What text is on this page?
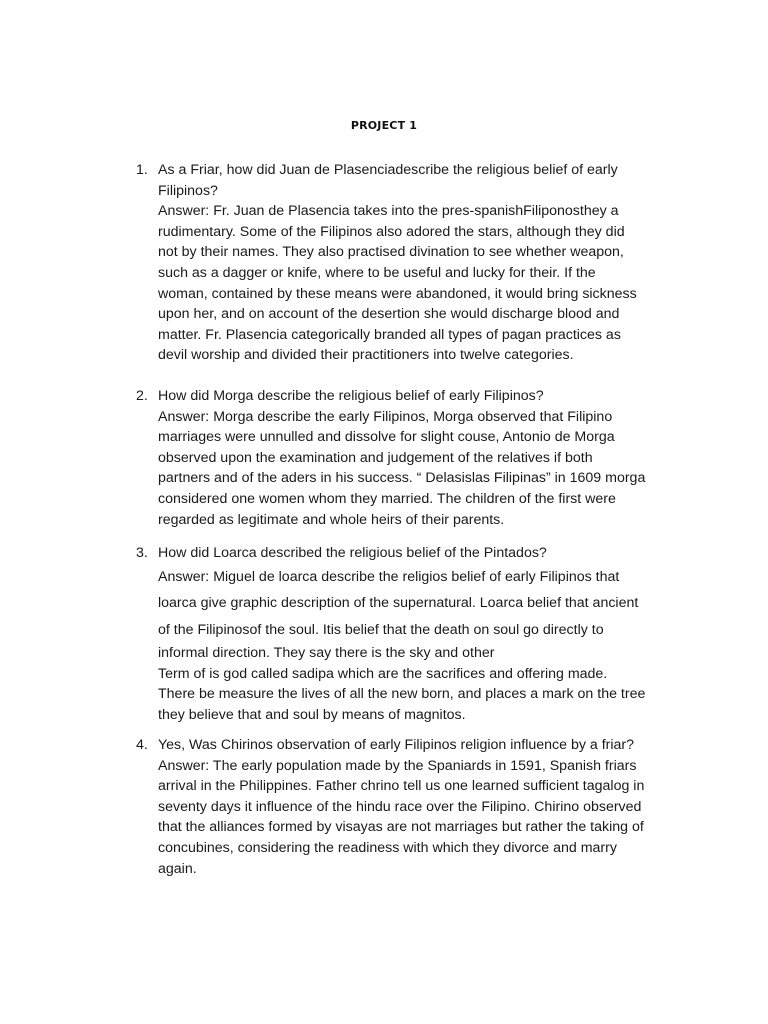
PROJECT 1
1. As a Friar, how did Juan de Plasenciadescribe the religious belief of early
Filipinos?
Answer: Fr. Juan de Plasencia takes into the pres-spanishFiliponosthey a
rudimentary. Some of the Filipinos also adored the stars, although they did
not by their names. They also practised divination to see whether weapon,
such as a dagger or knife, where to be useful and lucky for their. If the
woman, contained by these means were abandoned, it would bring sickness
upon her, and on account of the desertion she would discharge blood and
matter. Fr. Plasencia categorically branded all types of pagan practices as
devil worship and divided their practitioners into twelve categories.
2. How did Morga describe the religious belief of early Filipinos?
Answer: Morga describe the early Filipinos, Morga observed that Filipino
marriages were unnulled and dissolve for slight couse, Antonio de Morga
observed upon the examination and judgement of the relatives if both
partners and of the aders in his success. “ Delasislas Filipinas” in 1609 morga
considered one women whom they married. The children of the first were
regarded as legitimate and whole heirs of their parents.
3. How did Loarca described the religious belief of the Pintados?
Answer: Miguel de loarca describe the religios belief of early Filipinos that
loarca give graphic description of the supernatural. Loarca belief that ancient
of the Filipinosof the soul. Itis belief that the death on soul go directly to
informal direction. They say there is the sky and other
Term of is god called sadipa which are the sacrifices and offering made.
There be measure the lives of all the new born, and places a mark on the tree
they believe that and soul by means of magnitos.
4. Yes, Was Chirinos observation of early Filipinos religion influence by a friar?
Answer: The early population made by the Spaniards in 1591, Spanish friars
arrival in the Philippines. Father chrino tell us one learned sufficient tagalog in
seventy days it influence of the hindu race over the Filipino. Chirino observed
that the alliances formed by visayas are not marriages but rather the taking of
concubines, considering the readiness with which they divorce and marry
again.
